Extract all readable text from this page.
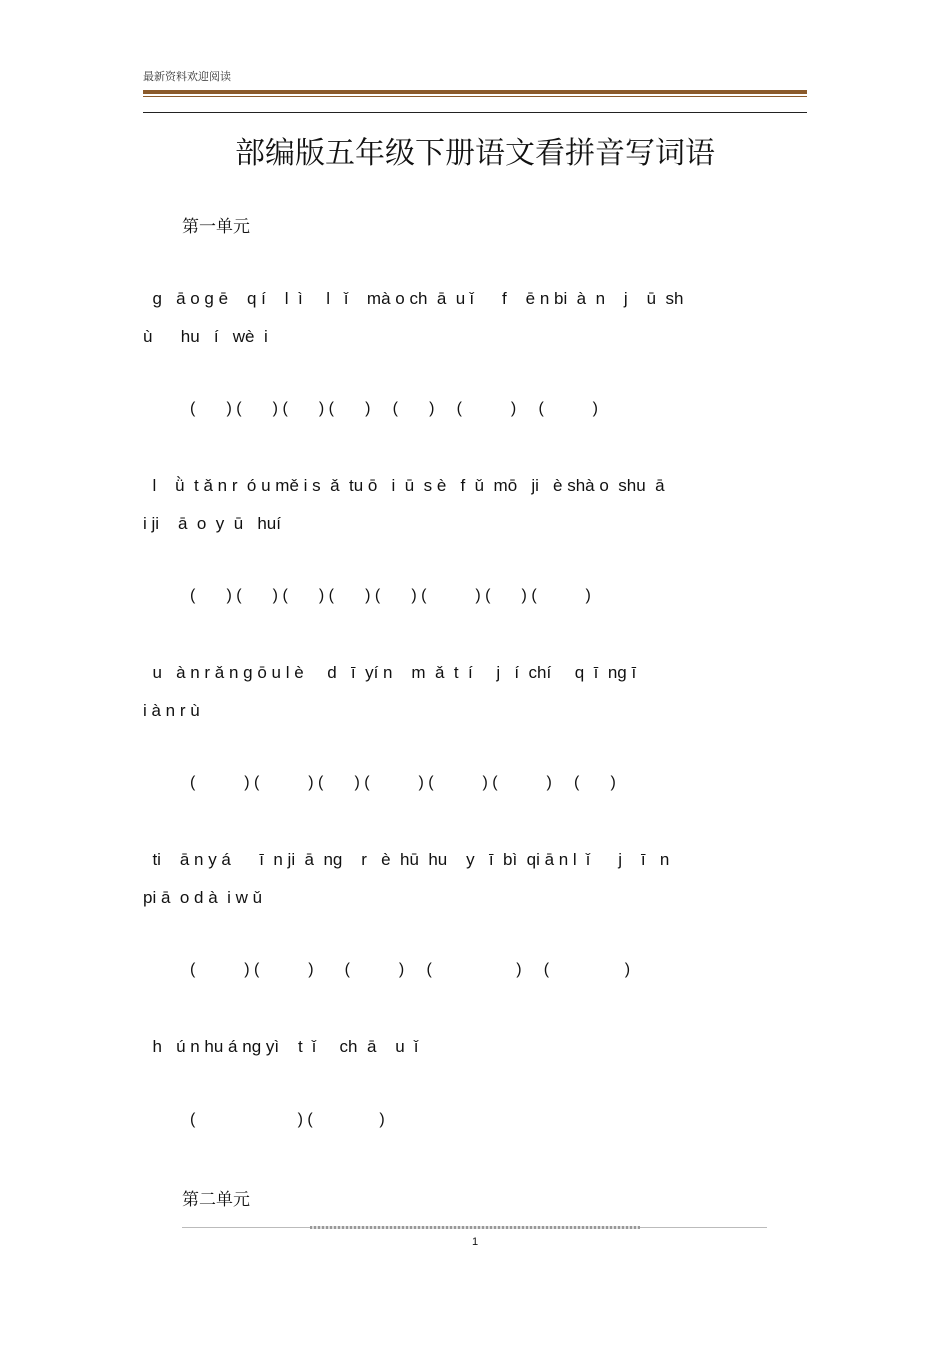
最新资料欢迎阅读
部编版五年级下册语文看拼音写词语
第一单元
g   ā o g ē    q í    l  ì     l   ǐ    mà o ch  ā  u ǐ      f    ē n bi  à  n    j    ū  sh
ù      hu   í   wè  i
(       ) (       ) (       ) (       )     (       )     (           )     (           )
l    ǜ  t ǎ n r  ó u mě i s  ǎ  tu ō   i  ū  s è   f  ǔ  mō   ji   è shà o  shu  ā
i ji    ā  o  y  ū   huí
(       ) (       ) (       ) (       ) (       ) (           ) (       ) (           )
u   à n r ǎ n g ō u l è     d   ī  yí n    m  ǎ  t  í     j   í  chí     q  ī  ng ī
i à n r ù
(           ) (           ) (       ) (           ) (           ) (           )     (       )
ti    ā n y á      ī  n ji  ā  ng    r   è  hū  hu    y   ī  bì  qi ā n l  ǐ      j    ī   n
pi ā  o d à  i w ǔ
(           ) (           )       (           )     (                   )     (                 )
h   ú n hu á ng yì    t  ǐ     ch  ā    u  ǐ
(                       ) (               )
第二单元
1
